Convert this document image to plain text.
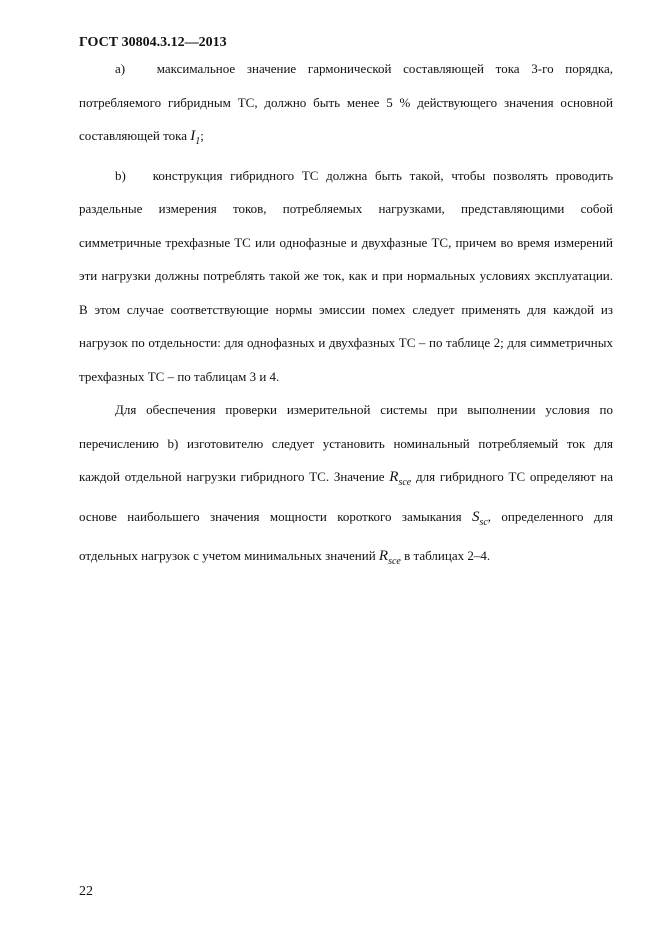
ГОСТ 30804.3.12—2013

a) максимальное значение гармонической составляющей тока 3-го порядка, потребляемого гибридным ТС, должно быть менее 5 % действующего значения основной составляющей тока $I_1$;

b) конструкция гибридного ТС должна быть такой, чтобы позволять проводить раздельные измерения токов, потребляемых нагрузками, представляющими собой симметричные трехфазные ТС или однофазные и двухфазные ТС, причем во время измерений эти нагрузки должны потреблять такой же ток, как и при нормальных условиях эксплуатации. В этом случае соответствующие нормы эмиссии помех следует применять для каждой из нагрузок по отдельности: для однофазных и двухфазных ТС – по таблице 2; для симметричных трехфазных ТС – по таблицам 3 и 4.

Для обеспечения проверки измерительной системы при выполнении условия по перечислению b) изготовителю следует установить номинальный потребляемый ток для каждой отдельной нагрузки гибридного ТС. Значение $R_{sce}$ для гибридного ТС определяют на основе наибольшего значения мощности короткого замыкания $S_{sc}$, определенного для отдельных нагрузок с учетом минимальных значений $R_{sce}$ в таблицах 2–4.

22
